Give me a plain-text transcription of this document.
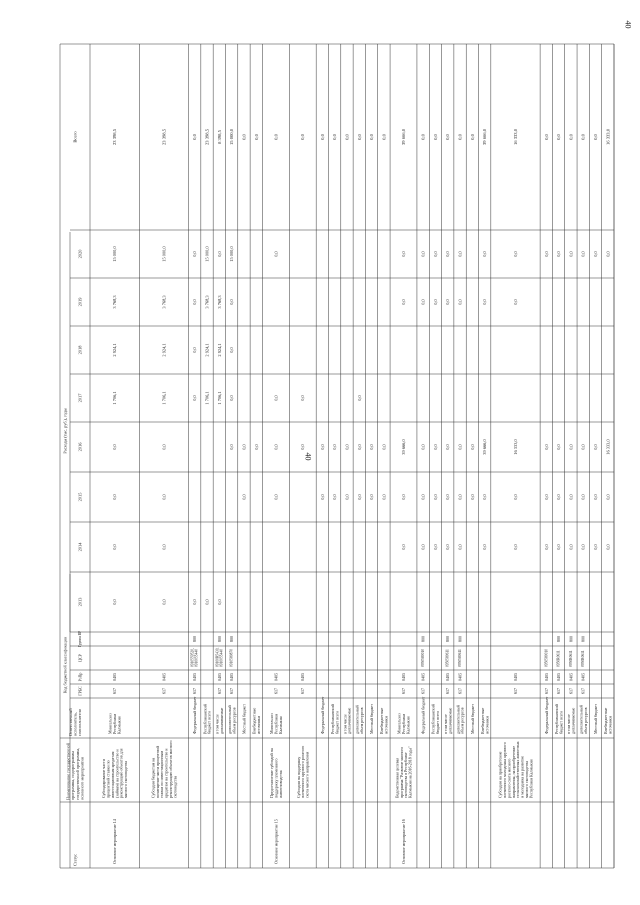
40
40
Статус
Наименование государственной программы, подпрограммы государственной программы, основного мероприятия
Ответственный исполнитель, соисполнители
Код бюджетной классификации	ГРБС
РзПр
ЦСР
Группа ВР
Расходы (тыс. руб.), годы
2013
2014
2015
2016
2017
2018
2019
2020
Всего
Основное мероприятие 14
Субсидирование части процентной ставки по инвестиционным кредитам (займам) на строительство и реконструкцию объектов для мясного скотоводства
Минсельхоз Республики Калмыкия
617
0405
0,0
0,0
0,0
0,0
1 706,1
2 924,1
3 768,3
15 000,0
23 398,5
Субсидии бюджетам на возмещение части процентной ставки по инвестиционным кредитам на строительство и реконструкцию объектов мясного скотоводства
617
0405
0,0
0,0
0,0
0,0
1 706,1
2 924,1
3 768,3
15 000,0
23 398,5
Федеральный бюджет
617
0405
0910559520, 0910055440
800
0,0
0,0
0,0
0,0
0,0
0,0
Республиканский бюджет всего
0,0
1 706,1
2 924,1
3 768,3
15 000,0
23 398,5
в том числе доплачиваемые
617
0405
09100R5430, 0910055440
800
0,0
1 706,1
2 924,1
3 768,3
0,0
8 398,5
дополнительный объем ресурсов
617
0405
0910580870
800
0,0
0,0
0,0
0,0
15 000,0
15 000,0
Местный бюджет
0,0
0,0
0,0
Внебюджетные источники
0,0
0,0
Основное мероприятие 15
Предоставление субсидий на поддержку племенного животноводства
Минсельхоз Республики Калмыкия
617
0405
0,0
0,0
0,0
0,0
0,0
Субсидии на поддержку племенного крупного рогатого скота мясного направления
617
0405
0,0
0,0
0,0
Федеральный бюджет
0,0
0,0
0,0
Республиканский бюджет всего
0,0
0,0
0,0
в том числе доплачиваемые
0,0
0,0
0,0
дополнительный объем ресурсов
0,0
0,0
0,0
0,0
Местный бюджет
0,0
0,0
0,0
Внебюджетные источники
0,0
0,0
0,0
Основное мероприятие 16
Ведомственная целевая программа "Развитие мясного скотоводства в Республике Калмыкия на 2016-2018 годы"
Минсельхоз Республики Калмыкия
617
0405
0,0
0,0
39 666,0
0,0
0,0
39 666,0
Федеральный бюджет
617
0405
0950580010
800
0,0
0,0
0,0
0,0
0,0
0,0
Республиканский бюджет всего
0,0
0,0
0,0
0,0
0,0
0,0
в том числе доплачиваемые
617
0405
0950580611
800
0,0
0,0
0,0
0,0
0,0
0,0
дополнительный объем ресурсов
617
0405
0950580611
800
0,0
0,0
0,0
0,0
0,0
0,0
Местный бюджет
0,0
0,0
0,0
Внебюджетные источники
0,0
0,0
39 666,0
0,0
0,0
39 666,0
Субсидии на приобретение племенного молодняка крупного рогатого скота мясного направления, на приобретение сельскохозяйственных животных и молодняка на развитие мясного скотоводства Республики Калмыкия
617
0405
0,0
0,0
16 333,0
0,0
0,0
16 333,0
Федеральный бюджет
617
0405
0950580010
0,0
0,0
0,0
0,0
0,0
Республиканский бюджет всего
617
0405
0950R0611
800
0,0
0,0
0,0
0,0
0,0
в том числе доплачиваемые
617
0405
0950R0611
800
0,0
0,0
0,0
0,0
0,0
дополнительный объем ресурсов
617
0405
0950R0611
800
0,0
0,0
0,0
0,0
0,0
Местный бюджет
0,0
0,0
0,0
0,0
0,0
Внебюджетные источники
0,0
0,0
16 333,0
0,0
16 333,0
